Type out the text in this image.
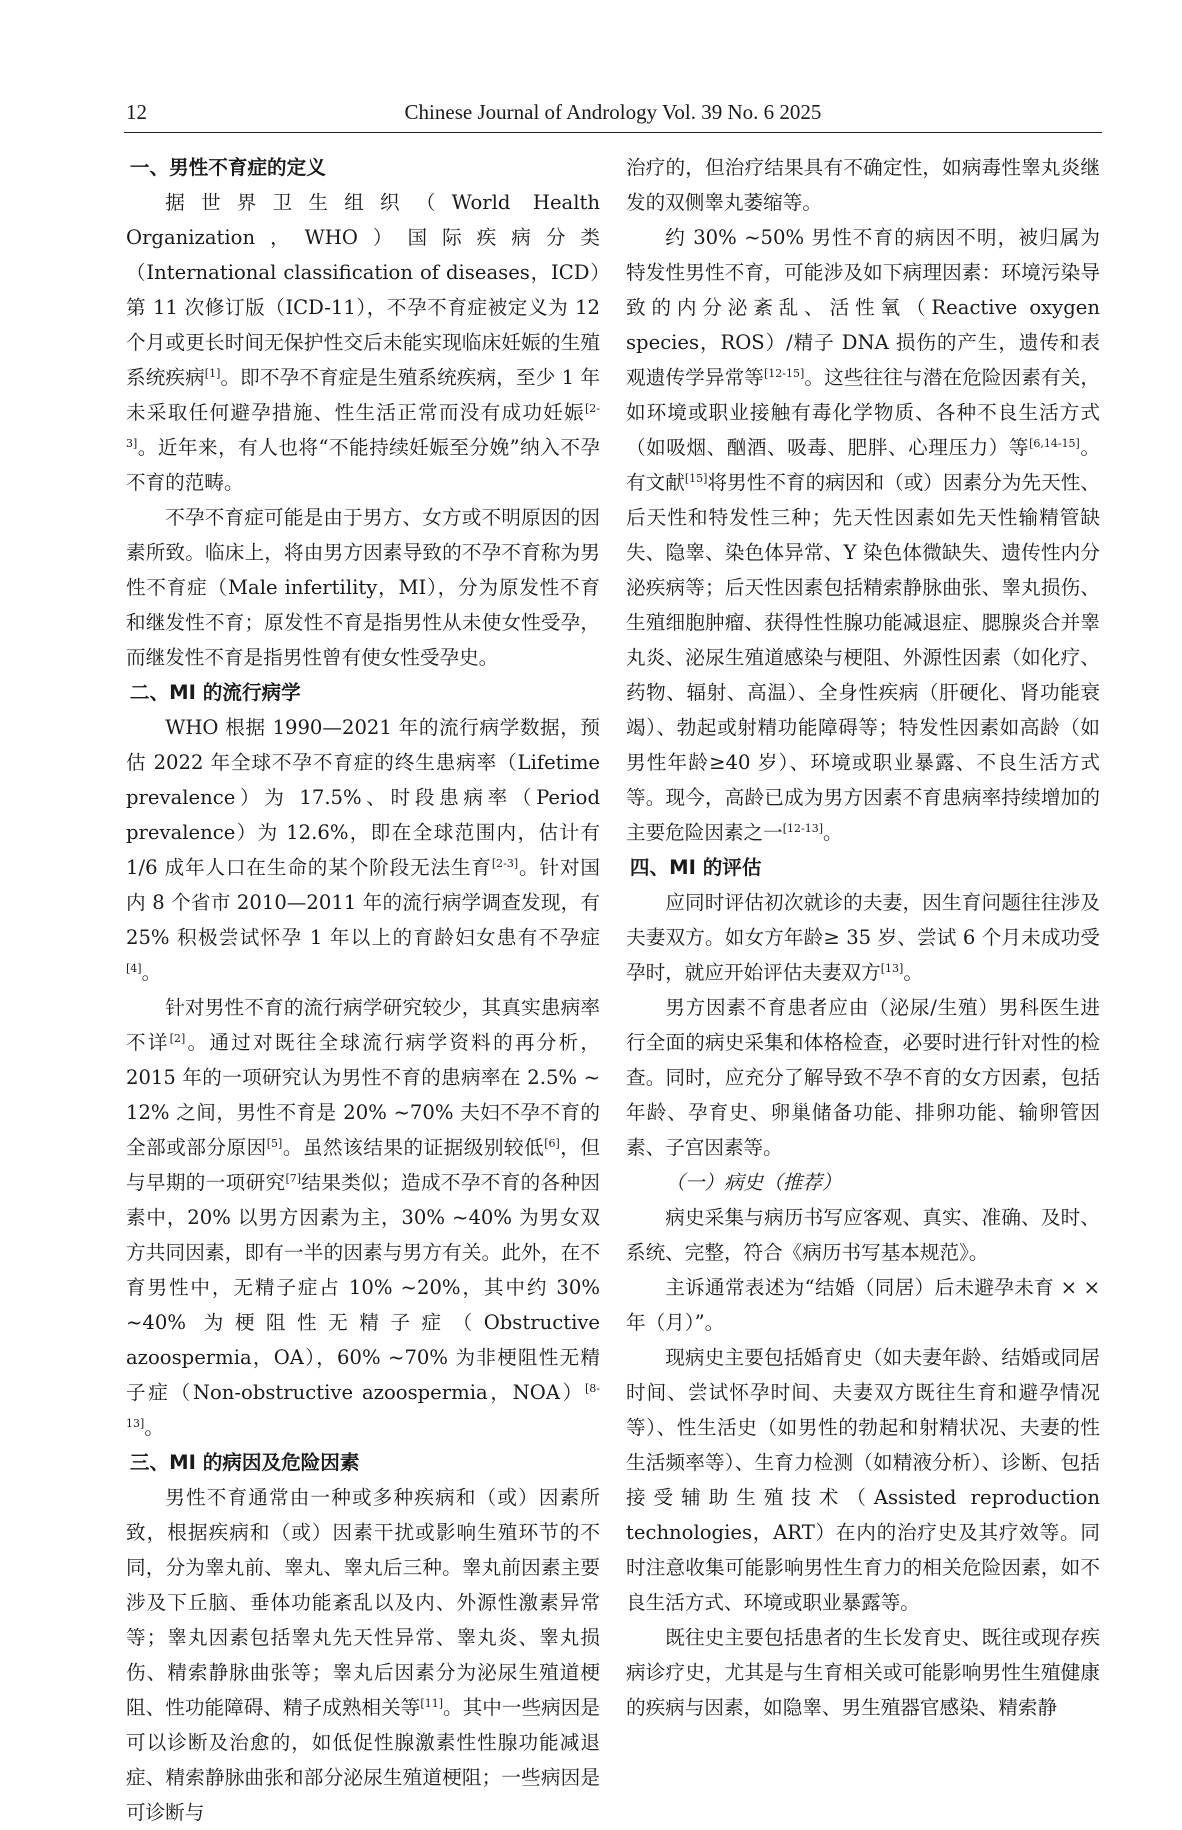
12	Chinese Journal of Andrology Vol. 39 No. 6 2025
一、男性不育症的定义

据世界卫生组织（World Health Organization，WHO）国际疾病分类（International classification of diseases，ICD）第 11 次修订版（ICD-11），不孕不育症被定义为 12 个月或更长时间无保护性交后未能实现临床妊娠的生殖系统疾病[1]。即不孕不育症是生殖系统疾病，至少 1 年未采取任何避孕措施、性生活正常而没有成功妊娠[2-3]。近年来，有人也将“不能持续妊娠至分娩”纳入不孕不育的范畴。

不孕不育症可能是由于男方、女方或不明原因的因素所致。临床上，将由男方因素导致的不孕不育称为男性不育症（Male infertility，MI），分为原发性不育和继发性不育；原发性不育是指男性从未使女性受孕，而继发性不育是指男性曾有使女性受孕史。

二、MI 的流行病学

WHO 根据 1990—2021 年的流行病学数据，预估 2022 年全球不孕不育症的终生患病率（Lifetime prevalence）为 17.5%、时段患病率（Period prevalence）为 12.6%，即在全球范围内，估计有 1/6 成年人口在生命的某个阶段无法生育[2-3]。针对国内 8 个省市 2010—2011 年的流行病学调查发现，有 25% 积极尝试怀孕 1 年以上的育龄妇女患有不孕症[4]。

针对男性不育的流行病学研究较少，其真实患病率不详[2]。通过对既往全球流行病学资料的再分析，2015 年的一项研究认为男性不育的患病率在 2.5% ~ 12% 之间，男性不育是 20% ~70% 夫妇不孕不育的全部或部分原因[5]。虽然该结果的证据级别较低[6]，但与早期的一项研究[7]结果类似；造成不孕不育的各种因素中，20% 以男方因素为主，30% ~40% 为男女双方共同因素，即有一半的因素与男方有关。此外，在不育男性中，无精子症占 10% ~20%，其中约 30% ~40% 为梗阻性无精子症（Obstructive azoospermia，OA），60% ~70% 为非梗阻性无精子症（Non-obstructive azoospermia，NOA）[8-13]。

三、MI 的病因及危险因素

男性不育通常由一种或多种疾病和（或）因素所致，根据疾病和（或）因素干扰或影响生殖环节的不同，分为睾丸前、睾丸、睾丸后三种。睾丸前因素主要涉及下丘脑、垂体功能紊乱以及内、外源性激素异常等；睾丸因素包括睾丸先天性异常、睾丸炎、睾丸损伤、精索静脉曲张等；睾丸后因素分为泌尿生殖道梗阻、性功能障碍、精子成熟相关等[11]。其中一些病因是可以诊断及治愈的，如低促性腺激素性性腺功能减退症、精索静脉曲张和部分泌尿生殖道梗阻；一些病因是可诊断与

治疗的，但治疗结果具有不确定性，如病毒性睾丸炎继发的双侧睾丸萎缩等。

约 30% ~50% 男性不育的病因不明，被归属为特发性男性不育，可能涉及如下病理因素：环境污染导致的内分泌紊乱、活性氧（Reactive oxygen species，ROS）/精子 DNA 损伤的产生，遗传和表观遗传学异常等[12-15]。这些往往与潜在危险因素有关，如环境或职业接触有毒化学物质、各种不良生活方式（如吸烟、酗酒、吸毒、肥胖、心理压力）等[6,14-15]。有文献[15]将男性不育的病因和（或）因素分为先天性、后天性和特发性三种；先天性因素如先天性输精管缺失、隐睾、染色体异常、Y 染色体微缺失、遗传性内分泌疾病等；后天性因素包括精索静脉曲张、睾丸损伤、生殖细胞肿瘤、获得性性腺功能减退症、腮腺炎合并睾丸炎、泌尿生殖道感染与梗阻、外源性因素（如化疗、药物、辐射、高温）、全身性疾病（肝硬化、肾功能衰竭）、勃起或射精功能障碍等；特发性因素如高龄（如男性年龄≥40 岁）、环境或职业暴露、不良生活方式等。现今，高龄已成为男方因素不育患病率持续增加的主要危险因素之一[12-13]。

四、MI 的评估

应同时评估初次就诊的夫妻，因生育问题往往涉及夫妻双方。如女方年龄≥ 35 岁、尝试 6 个月未成功受孕时，就应开始评估夫妻双方[13]。

男方因素不育患者应由（泌尿/生殖）男科医生进行全面的病史采集和体格检查，必要时进行针对性的检查。同时，应充分了解导致不孕不育的女方因素，包括年龄、孕育史、卵巢储备功能、排卵功能、输卵管因素、子宫因素等。

（一）病史（推荐）

病史采集与病历书写应客观、真实、准确、及时、系统、完整，符合《病历书写基本规范》。

主诉通常表述为“结婚（同居）后未避孕未育 × × 年（月）”。

现病史主要包括婚育史（如夫妻年龄、结婚或同居时间、尝试怀孕时间、夫妻双方既往生育和避孕情况等）、性生活史（如男性的勃起和射精状况、夫妻的性生活频率等）、生育力检测（如精液分析）、诊断、包括接受辅助生殖技术（Assisted reproduction technologies，ART）在内的治疗史及其疗效等。同时注意收集可能影响男性生育力的相关危险因素，如不良生活方式、环境或职业暴露等。

既往史主要包括患者的生长发育史、既往或现存疾病诊疗史，尤其是与生育相关或可能影响男性生殖健康的疾病与因素，如隐睾、男生殖器官感染、精索静
